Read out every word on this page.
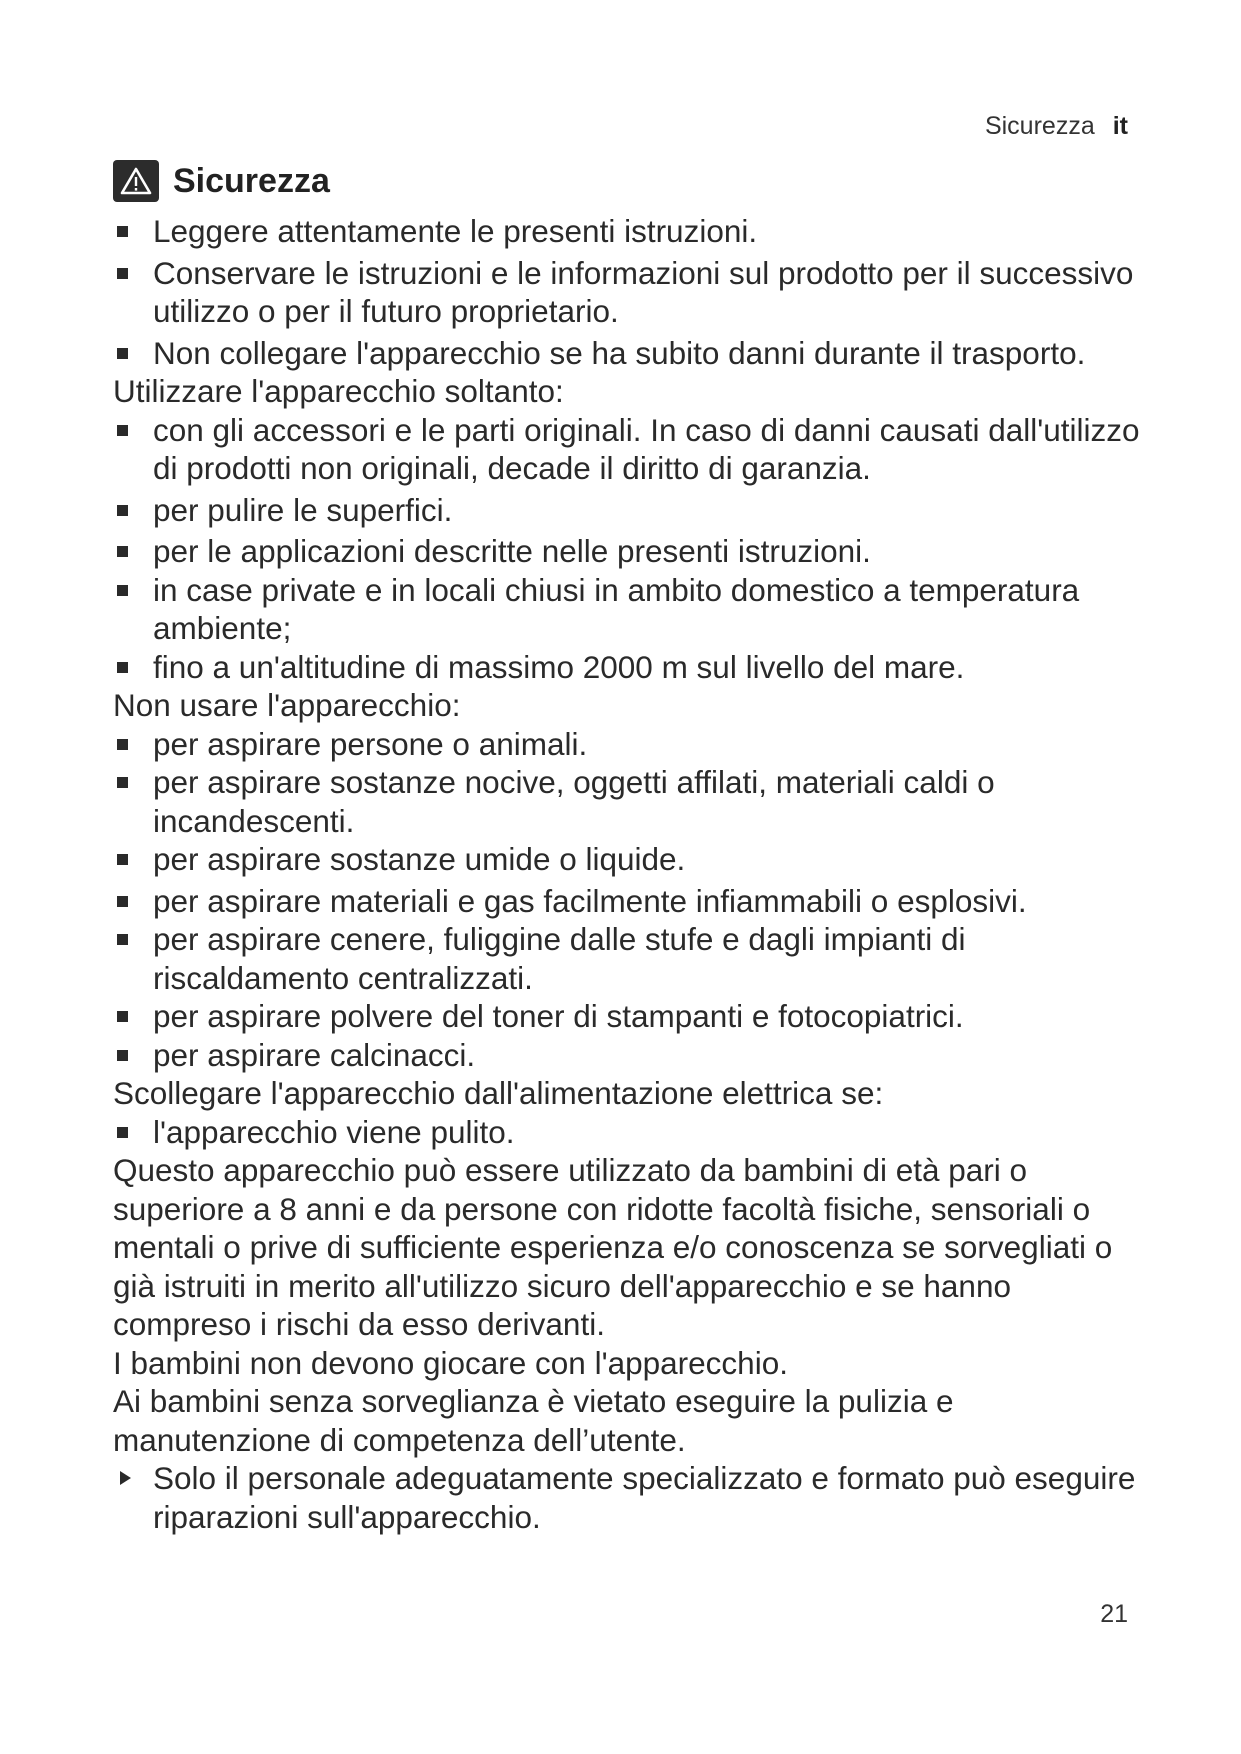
Sicurezza it
Sicurezza
Leggere attentamente le presenti istruzioni.
Conservare le istruzioni e le informazioni sul prodotto per il successivo utilizzo o per il futuro proprietario.
Non collegare l'apparecchio se ha subito danni durante il trasporto.

Utilizzare l'apparecchio soltanto:

con gli accessori e le parti originali. In caso di danni causati dall'utilizzo di prodotti non originali, decade il diritto di garanzia.
per pulire le superfici.
per le applicazioni descritte nelle presenti istruzioni.
in case private e in locali chiusi in ambito domestico a temperatura ambiente;
fino a un'altitudine di massimo 2000 m sul livello del mare.

Non usare l'apparecchio:

per aspirare persone o animali.
per aspirare sostanze nocive, oggetti affilati, materiali caldi o incandescenti.
per aspirare sostanze umide o liquide.
per aspirare materiali e gas facilmente infiammabili o esplosivi.
per aspirare cenere, fuliggine dalle stufe e dagli impianti di riscaldamento centralizzati.
per aspirare polvere del toner di stampanti e fotocopiatrici.
per aspirare calcinacci.

Scollegare l'apparecchio dall'alimentazione elettrica se:

l'apparecchio viene pulito.

Questo apparecchio può essere utilizzato da bambini di età pari o superiore a 8 anni e da persone con ridotte facoltà fisiche, sensoriali o mentali o prive di sufficiente esperienza e/o conoscenza se sorvegliati o già istruiti in merito all'utilizzo sicuro dell'apparecchio e se hanno compreso i rischi da esso derivanti.

I bambini non devono giocare con l'apparecchio.

Ai bambini senza sorveglianza è vietato eseguire la pulizia e manutenzione di competenza dell’utente.

Solo il personale adeguatamente specializzato e formato può eseguire riparazioni sull'apparecchio.
21
